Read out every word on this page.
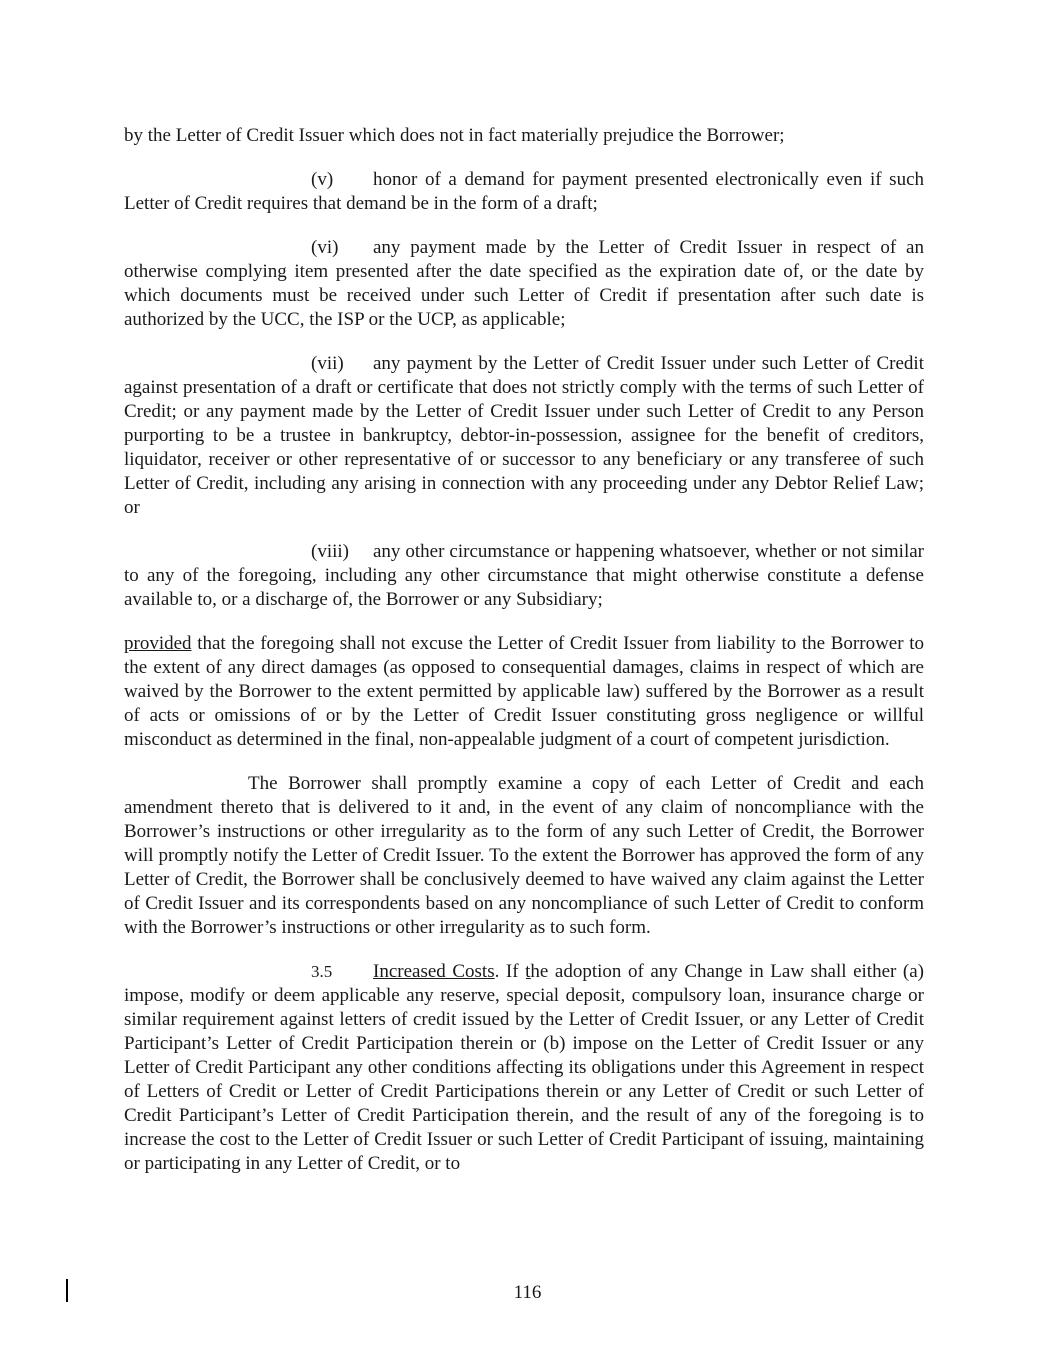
by the Letter of Credit Issuer which does not in fact materially prejudice the Borrower;

(v) honor of a demand for payment presented electronically even if such Letter of Credit requires that demand be in the form of a draft;

(vi) any payment made by the Letter of Credit Issuer in respect of an otherwise complying item presented after the date specified as the expiration date of, or the date by which documents must be received under such Letter of Credit if presentation after such date is authorized by the UCC, the ISP or the UCP, as applicable;

(vii) any payment by the Letter of Credit Issuer under such Letter of Credit against presentation of a draft or certificate that does not strictly comply with the terms of such Letter of Credit; or any payment made by the Letter of Credit Issuer under such Letter of Credit to any Person purporting to be a trustee in bankruptcy, debtor-in-possession, assignee for the benefit of creditors, liquidator, receiver or other representative of or successor to any beneficiary or any transferee of such Letter of Credit, including any arising in connection with any proceeding under any Debtor Relief Law; or

(viii) any other circumstance or happening whatsoever, whether or not similar to any of the foregoing, including any other circumstance that might otherwise constitute a defense available to, or a discharge of, the Borrower or any Subsidiary;

provided that the foregoing shall not excuse the Letter of Credit Issuer from liability to the Borrower to the extent of any direct damages (as opposed to consequential damages, claims in respect of which are waived by the Borrower to the extent permitted by applicable law) suffered by the Borrower as a result of acts or omissions of or by the Letter of Credit Issuer constituting gross negligence or willful misconduct as determined in the final, non-appealable judgment of a court of competent jurisdiction.

The Borrower shall promptly examine a copy of each Letter of Credit and each amendment thereto that is delivered to it and, in the event of any claim of noncompliance with the Borrower’s instructions or other irregularity as to the form of any such Letter of Credit, the Borrower will promptly notify the Letter of Credit Issuer. To the extent the Borrower has approved the form of any Letter of Credit, the Borrower shall be conclusively deemed to have waived any claim against the Letter of Credit Issuer and its correspondents based on any noncompliance of such Letter of Credit to conform with the Borrower’s instructions or other irregularity as to such form.

3.5 Increased Costs. If the adoption of any Change in Law shall either (a) impose, modify or deem applicable any reserve, special deposit, compulsory loan, insurance charge or similar requirement against letters of credit issued by the Letter of Credit Issuer, or any Letter of Credit Participant’s Letter of Credit Participation therein or (b) impose on the Letter of Credit Issuer or any Letter of Credit Participant any other conditions affecting its obligations under this Agreement in respect of Letters of Credit or Letter of Credit Participations therein or any Letter of Credit or such Letter of Credit Participant’s Letter of Credit Participation therein, and the result of any of the foregoing is to increase the cost to the Letter of Credit Issuer or such Letter of Credit Participant of issuing, maintaining or participating in any Letter of Credit, or to

116
